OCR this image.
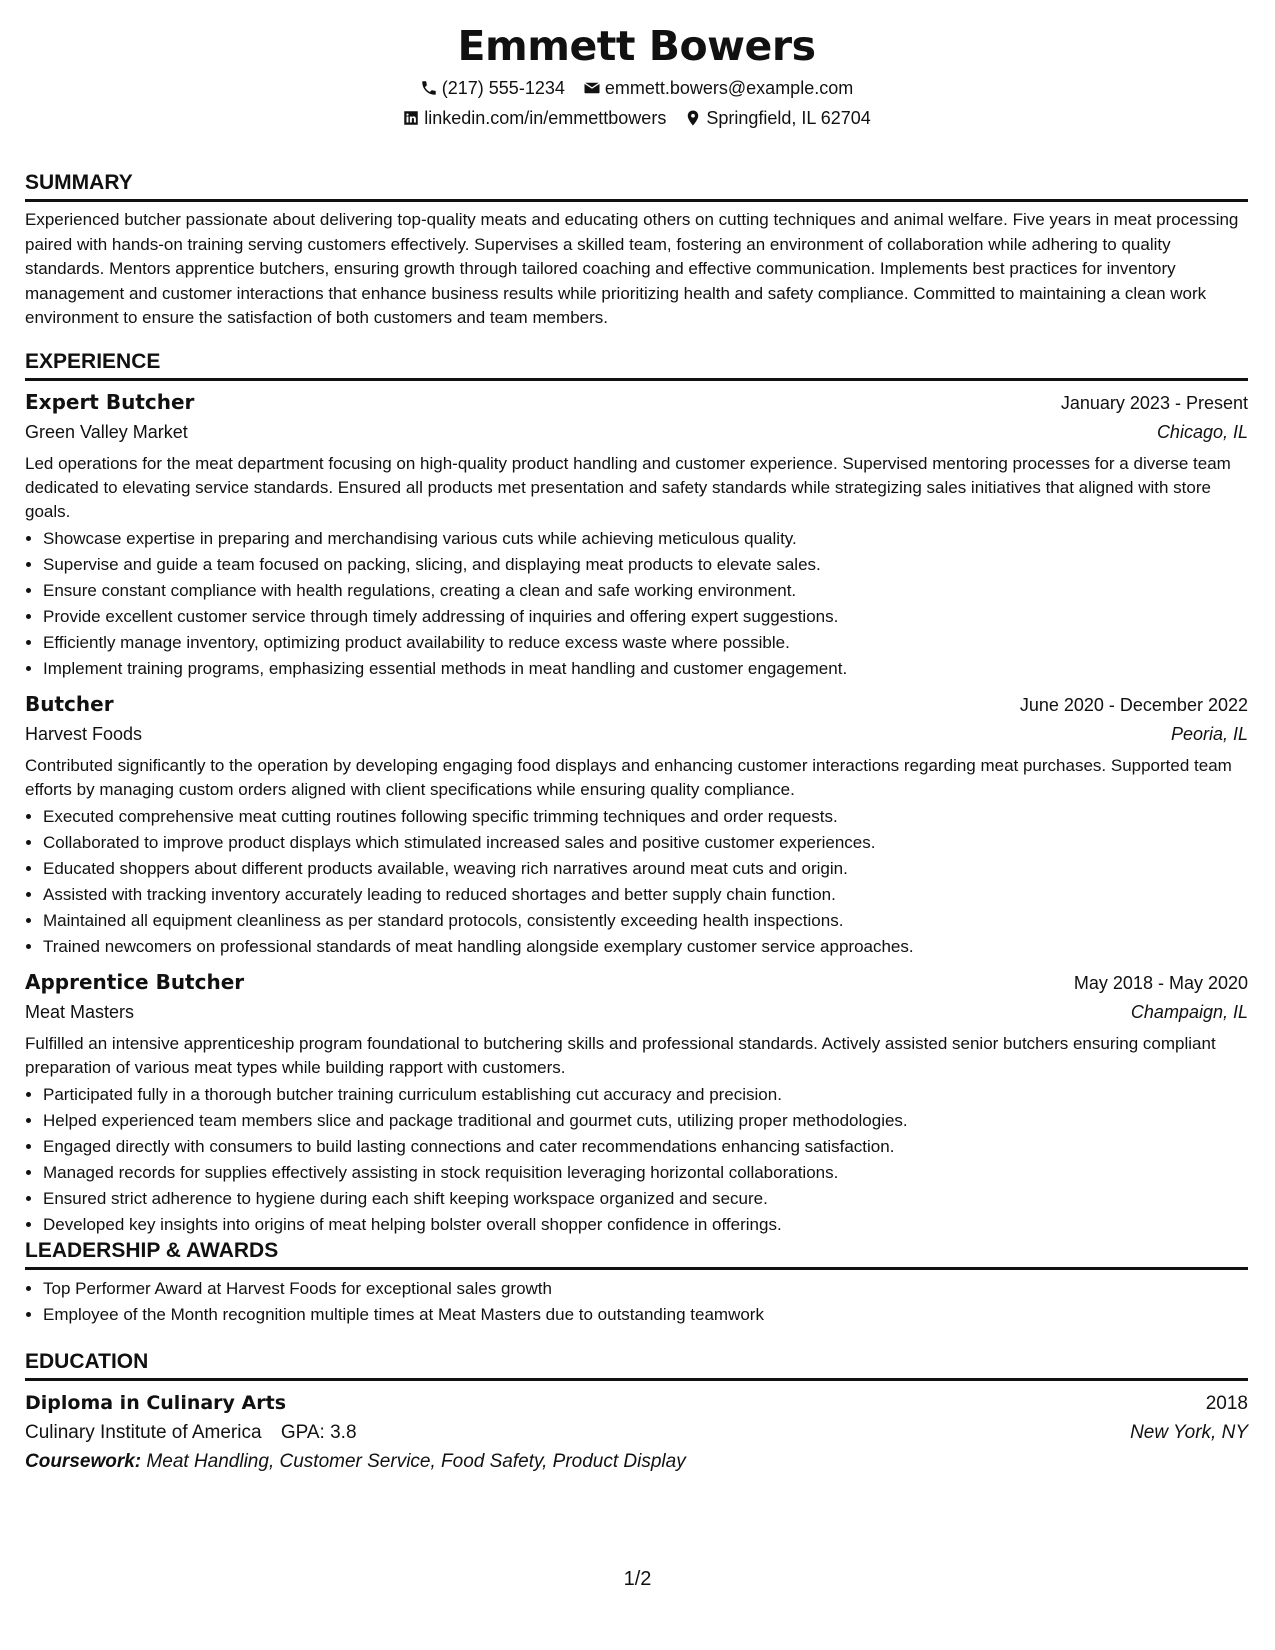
Emmett Bowers
(217) 555-1234 emmett.bowers@example.com
linkedin.com/in/emmettbowers Springfield, IL 62704
SUMMARY

Experienced butcher passionate about delivering top-quality meats and educating others on cutting techniques and animal welfare. Five years in meat processing paired with hands-on training serving customers effectively. Supervises a skilled team, fostering an environment of collaboration while adhering to quality standards. Mentors apprentice butchers, ensuring growth through tailored coaching and effective communication. Implements best practices for inventory management and customer interactions that enhance business results while prioritizing health and safety compliance. Committed to maintaining a clean work environment to ensure the satisfaction of both customers and team members.

EXPERIENCE
Expert Butcher	January 2023 - Present
Green Valley Market	Chicago, IL
Led operations for the meat department focusing on high-quality product handling and customer experience. Supervised mentoring processes for a diverse team dedicated to elevating service standards. Ensured all products met presentation and safety standards while strategizing sales initiatives that aligned with store goals.
• Showcase expertise in preparing and merchandising various cuts while achieving meticulous quality.
• Supervise and guide a team focused on packing, slicing, and displaying meat products to elevate sales.
• Ensure constant compliance with health regulations, creating a clean and safe working environment.
• Provide excellent customer service through timely addressing of inquiries and offering expert suggestions.
• Efficiently manage inventory, optimizing product availability to reduce excess waste where possible.
• Implement training programs, emphasizing essential methods in meat handling and customer engagement.
Butcher	June 2020 - December 2022
Harvest Foods	Peoria, IL
Contributed significantly to the operation by developing engaging food displays and enhancing customer interactions regarding meat purchases. Supported team efforts by managing custom orders aligned with client specifications while ensuring quality compliance.
• Executed comprehensive meat cutting routines following specific trimming techniques and order requests.
• Collaborated to improve product displays which stimulated increased sales and positive customer experiences.
• Educated shoppers about different products available, weaving rich narratives around meat cuts and origin.
• Assisted with tracking inventory accurately leading to reduced shortages and better supply chain function.
• Maintained all equipment cleanliness as per standard protocols, consistently exceeding health inspections.
• Trained newcomers on professional standards of meat handling alongside exemplary customer service approaches.
Apprentice Butcher	May 2018 - May 2020
Meat Masters	Champaign, IL
Fulfilled an intensive apprenticeship program foundational to butchering skills and professional standards. Actively assisted senior butchers ensuring compliant preparation of various meat types while building rapport with customers.
• Participated fully in a thorough butcher training curriculum establishing cut accuracy and precision.
• Helped experienced team members slice and package traditional and gourmet cuts, utilizing proper methodologies.
• Engaged directly with consumers to build lasting connections and cater recommendations enhancing satisfaction.
• Managed records for supplies effectively assisting in stock requisition leveraging horizontal collaborations.
• Ensured strict adherence to hygiene during each shift keeping workspace organized and secure.
• Developed key insights into origins of meat helping bolster overall shopper confidence in offerings.
LEADERSHIP & AWARDS
• Top Performer Award at Harvest Foods for exceptional sales growth
• Employee of the Month recognition multiple times at Meat Masters due to outstanding teamwork
EDUCATION
Diploma in Culinary Arts	2018
Culinary Institute of America GPA: 3.8	New York, NY
Coursework: Meat Handling, Customer Service, Food Safety, Product Display
1/2
